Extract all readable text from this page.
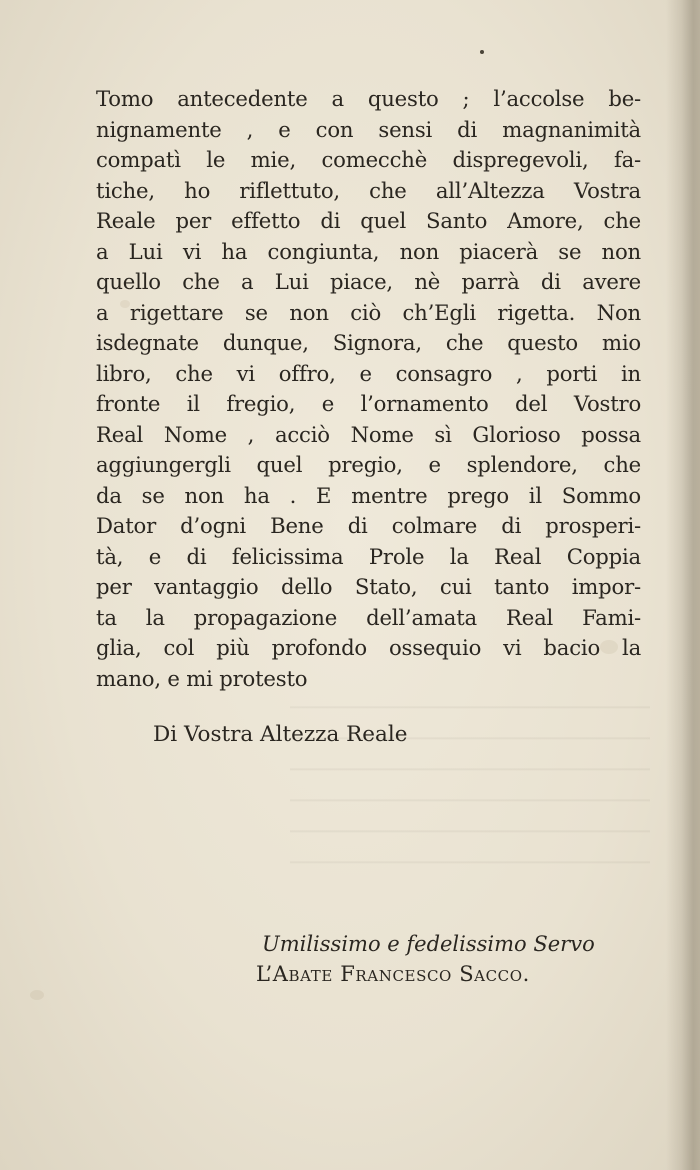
Tomo antecedente a questo ; l’accolse be-
nignamente , e con sensi di magnanimità
compatì le mie, comecchè dispregevoli, fa-
tiche, ho riflettuto, che all’Altezza Vostra
Reale per effetto di quel Santo Amore, che
a Lui vi ha congiunta, non piacerà se non
quello che a Lui piace, nè parrà di avere
a rigettare se non ciò ch’Egli rigetta. Non
isdegnate dunque, Signora, che questo mio
libro, che vi offro, e consagro , porti in
fronte il fregio, e l’ornamento del Vostro
Real Nome , acciò Nome sì Glorioso possa
aggiungergli quel pregio, e splendore, che
da se non ha . E mentre prego il Sommo
Dator d’ogni Bene di colmare di prosperi-
tà, e di felicissima Prole la Real Coppia
per vantaggio dello Stato, cui tanto impor-
ta la propagazione dell’amata Real Fami-
glia, col più profondo ossequio vi bacio la
mano, e mi protesto
Di Vostra Altezza Reale
Umilissimo e fedelissimo Servo
L’Abate Francesco Sacco.
